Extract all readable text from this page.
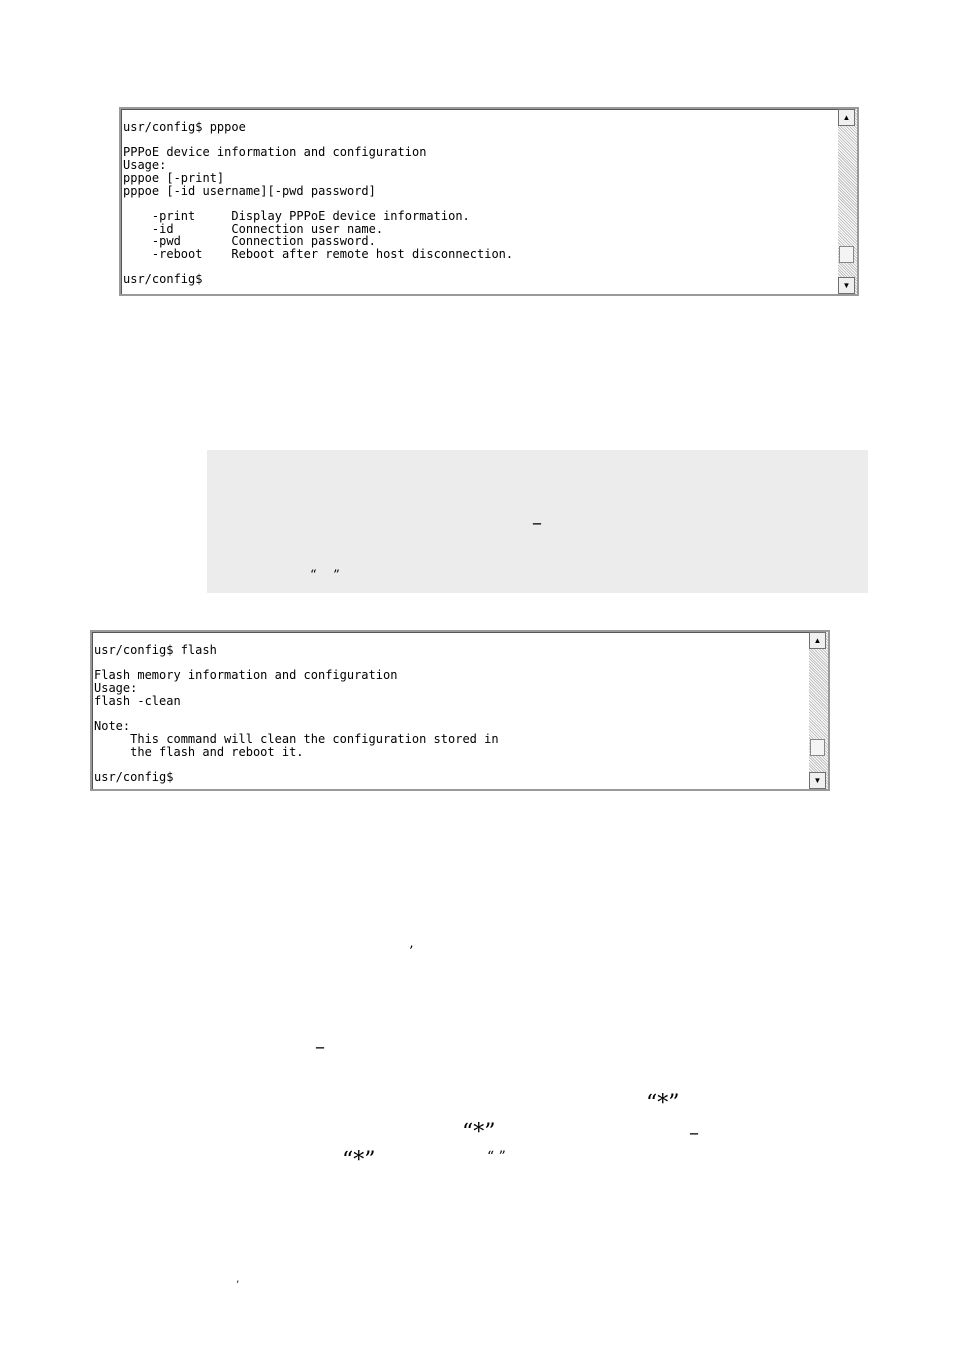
usr/config$ pppoe

PPPoE device information and configuration
Usage:
pppoe [-print]
pppoe [-id username][-pwd password]

-print     Display PPPoE device information.
-id        Connection user name.
-pwd       Connection password.
-reboot    Reboot after remote host disconnection.

usr/config$
▲
▼
–
“    ”
usr/config$ flash

Flash memory information and configuration
Usage:
flash -clean

Note:
This command will clean the configuration stored in
the flash and reboot it.

usr/config$
▲
▼
’
–
“*”
“*”	–
“*”	“ ”
’
